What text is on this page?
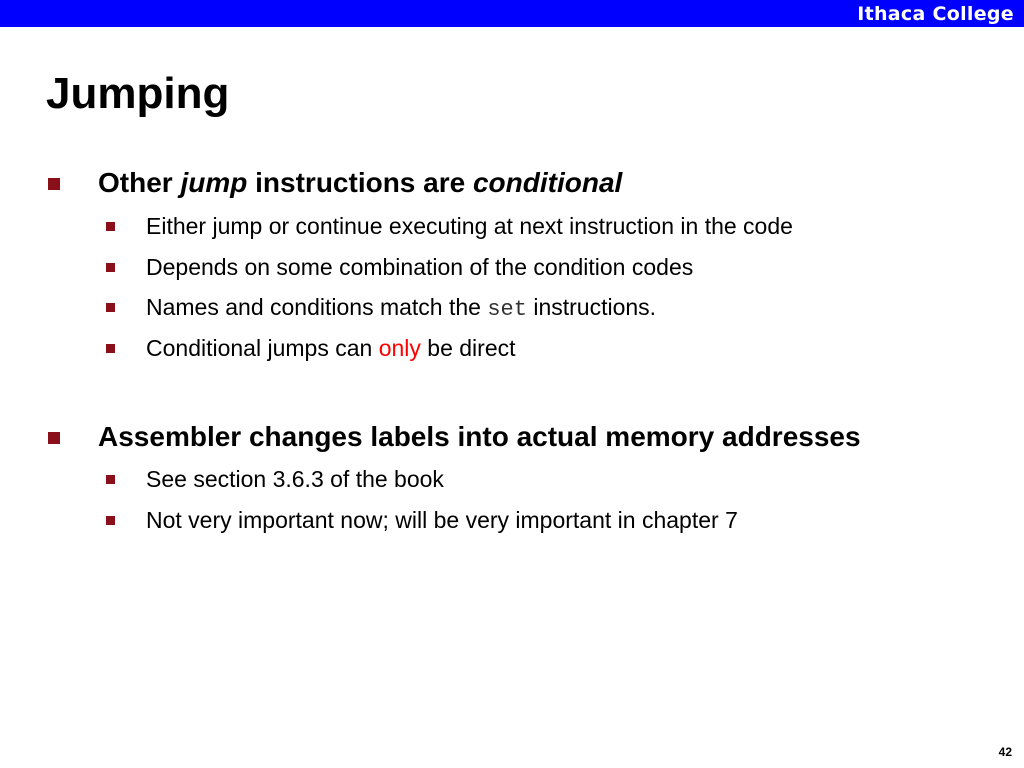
Ithaca College
Jumping
Other jump instructions are conditional
Either jump or continue executing at next instruction in the code
Depends on some combination of the condition codes
Names and conditions match the set instructions.
Conditional jumps can only be direct
Assembler changes labels into actual memory addresses
See section 3.6.3 of the book
Not very important now; will be very important in chapter 7
42
